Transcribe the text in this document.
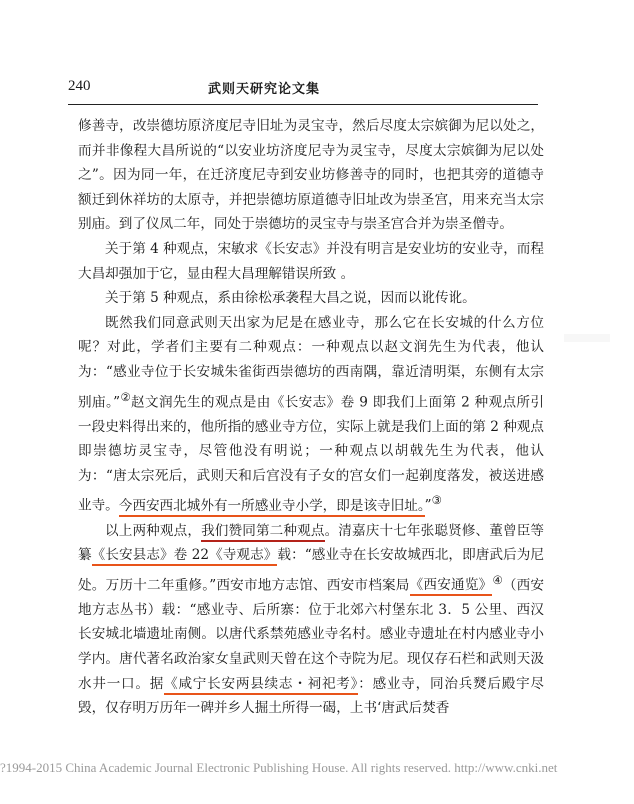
240	武则天研究论文集

修善寺，改崇德坊原济度尼寺旧址为灵宝寺，然后尽度太宗嫔御为尼以处之，而并非像程大昌所说的“以安业坊济度尼寺为灵宝寺，尽度太宗嫔御为尼以处之”。因为同一年，在迁济度尼寺到安业坊修善寺的同时，也把其旁的道德寺额迁到休祥坊的太原寺，并把崇德坊原道德寺旧址改为崇圣宫，用来充当太宗别庙。到了仪凤二年，同处于崇德坊的灵宝寺与崇圣宫合并为崇圣僧寺。

关于第 4 种观点，宋敏求《长安志》并没有明言是安业坊的安业寺，而程大昌却强加于它，显由程大昌理解错误所致 。

关于第 5 种观点，系由徐松承袭程大昌之说，因而以讹传讹。

既然我们同意武则天出家为尼是在感业寺，那么它在长安城的什么方位呢？对此，学者们主要有二种观点：一种观点以赵文润先生为代表，他认为：“感业寺位于长安城朱雀街西崇德坊的西南隅，靠近清明渠，东侧有太宗别庙。”②赵文润先生的观点是由《长安志》卷 9 即我们上面第 2 种观点所引一段史料得出来的，他所指的感业寺方位，实际上就是我们上面的第 2 种观点即崇德坊灵宝寺，尽管他没有明说；一种观点以胡戟先生为代表，他认为：“唐太宗死后，武则天和后宫没有子女的宫女们一起剃度落发，被送进感业寺。今西安西北城外有一所感业寺小学，即是该寺旧址。”③

以上两种观点，我们赞同第二种观点。清嘉庆十七年张聪贤修、董曾臣等纂《长安县志》卷 22《寺观志》载：“感业寺在长安故城西北，即唐武后为尼处。万历十二年重修。”西安市地方志馆、西安市档案局《西安通览》④（西安地方志丛书）载：“感业寺、后所寨：位于北郊六村堡东北 3．5 公里、西汉长安城北墙遗址南侧。以唐代系禁苑感业寺名村。感业寺遗址在村内感业寺小学内。唐代著名政治家女皇武则天曾在这个寺院为尼。现仅存石栏和武则天汲水井一口。据《咸宁长安两县续志・祠祀考》：感业寺，同治兵燹后殿宇尽毁，仅存明万历年一碑并乡人掘土所得一碣，上书‘唐武后焚香

?1994-2015 China Academic Journal Electronic Publishing House. All rights reserved. http://www.cnki.net
